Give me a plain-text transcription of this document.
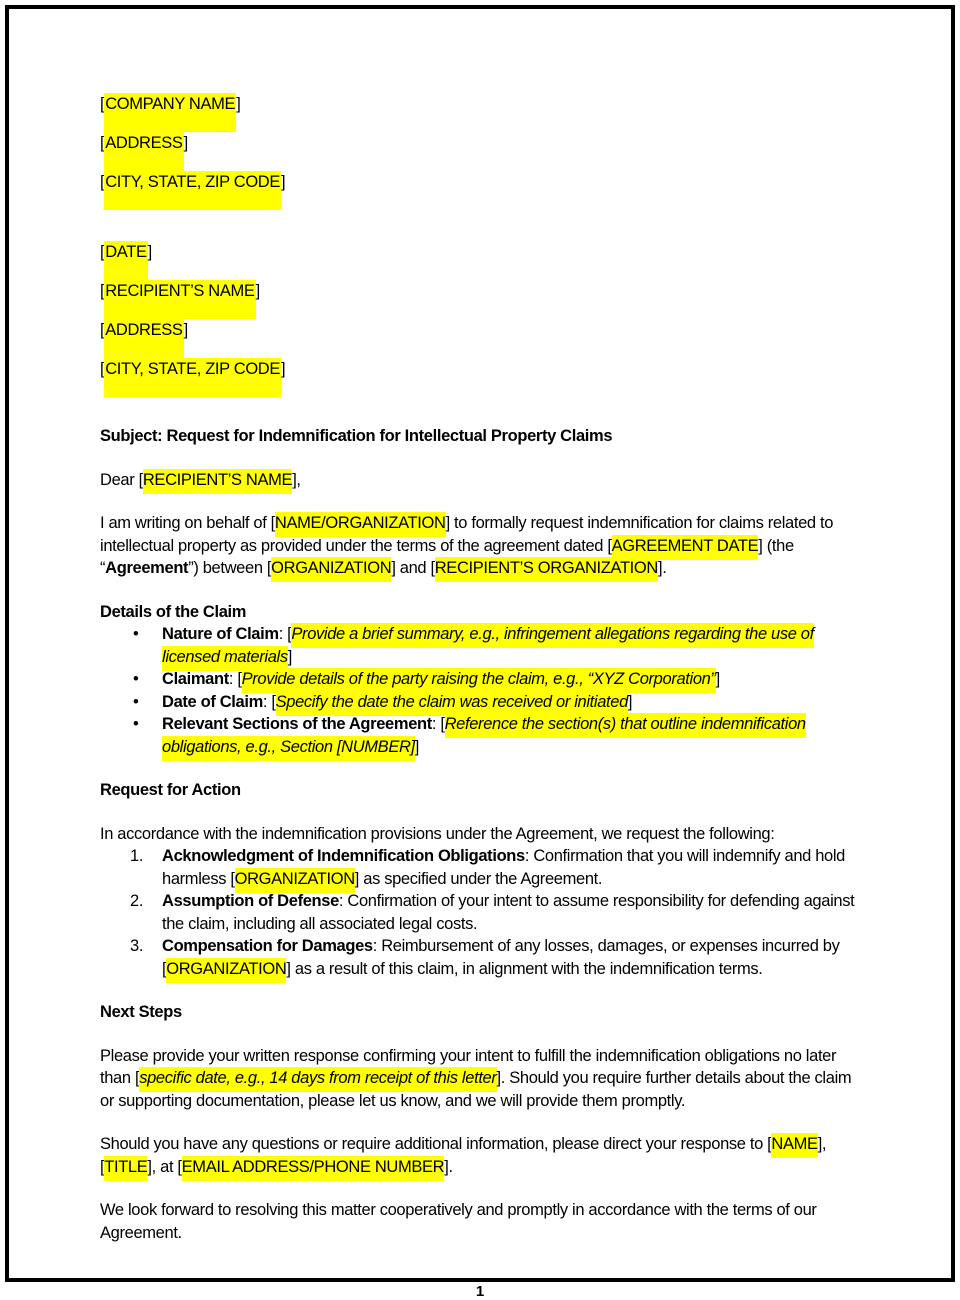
[COMPANY NAME]

[ADDRESS]

[CITY, STATE, ZIP CODE]

[DATE]

[RECIPIENT’S NAME]

[ADDRESS]

[CITY, STATE, ZIP CODE]

Subject: Request for Indemnification for Intellectual Property Claims

Dear [RECIPIENT’S NAME],

I am writing on behalf of [NAME/ORGANIZATION] to formally request indemnification for claims related to intellectual property as provided under the terms of the agreement dated [AGREEMENT DATE] (the “Agreement”) between [ORGANIZATION] and [RECIPIENT’S ORGANIZATION].

Details of the Claim
• Nature of Claim: [Provide a brief summary, e.g., infringement allegations regarding the use of licensed materials]
• Claimant: [Provide details of the party raising the claim, e.g., “XYZ Corporation”]
• Date of Claim: [Specify the date the claim was received or initiated]
• Relevant Sections of the Agreement: [Reference the section(s) that outline indemnification obligations, e.g., Section [NUMBER]]
Request for Action

In accordance with the indemnification provisions under the Agreement, we request the following:

1. Acknowledgment of Indemnification Obligations: Confirmation that you will indemnify and hold harmless [ORGANIZATION] as specified under the Agreement.
2. Assumption of Defense: Confirmation of your intent to assume responsibility for defending against the claim, including all associated legal costs.
3. Compensation for Damages: Reimbursement of any losses, damages, or expenses incurred by [ORGANIZATION] as a result of this claim, in alignment with the indemnification terms.
Next Steps

Please provide your written response confirming your intent to fulfill the indemnification obligations no later than [specific date, e.g., 14 days from receipt of this letter]. Should you require further details about the claim or supporting documentation, please let us know, and we will provide them promptly.

Should you have any questions or require additional information, please direct your response to [NAME], [TITLE], at [EMAIL ADDRESS/PHONE NUMBER].

We look forward to resolving this matter cooperatively and promptly in accordance with the terms of our Agreement.

1
